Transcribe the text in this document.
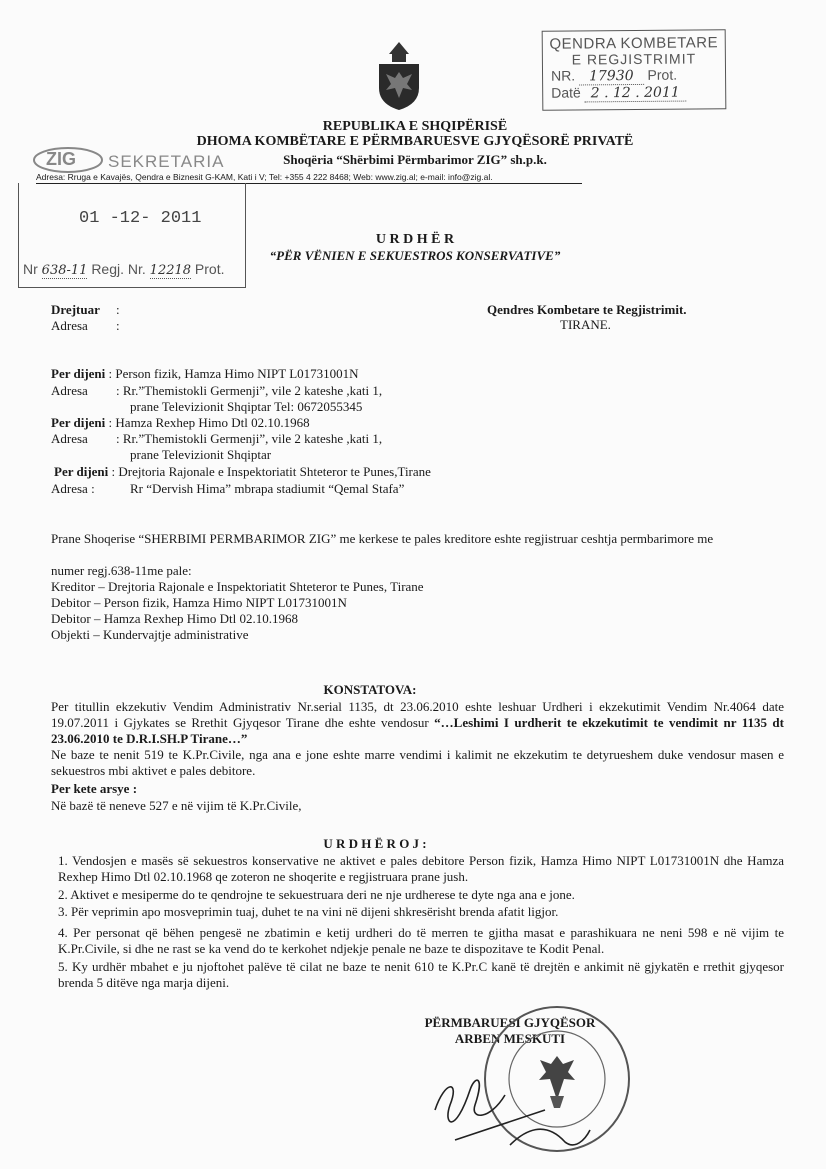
QENDRA KOMBETARE
E REGJISTRIMIT
NR. 17930 Prot.
Datë 2 . 12 . 2011
REPUBLIKA E SHQIPËRISË
DHOMA KOMBËTARE E PËRMBARUESVE GJYQËSORË PRIVATË
Shoqëria “Shërbimi Përmbarimor ZIG” sh.p.k.
Adresa: Rruga e Kavajës, Qendra e Biznesit G-KAM, Kati i V; Tel: +355 4 222 8468; Web: www.zig.al; e-mail: info@zig.al.
ZIG SEKRETARIA
01 -12- 2011
Nr 638-11 Regj. Nr. 12218 Prot.
U R D H Ë R
“PËR VËNIEN E SEKUESTROS KONSERVATIVE”
Drejtuar :
Adresa :
Qendres Kombetare te Regjistrimit.
TIRANE.
Per dijeni : Person fizik, Hamza Himo NIPT L01731001N
Adresa : Rr.”Themistokli Germenji”, vile 2 kateshe ,kati 1,
prane Televizionit Shqiptar Tel: 0672055345
Per dijeni : Hamza Rexhep Himo Dtl 02.10.1968
Adresa : Rr.”Themistokli Germenji”, vile 2 kateshe ,kati 1,
prane Televizionit Shqiptar
Per dijeni : Drejtoria Rajonale e Inspektoriatit Shteteror te Punes,Tirane
Adresa :	Rr “Dervish Hima” mbrapa stadiumit “Qemal Stafa”
Prane Shoqerise “SHERBIMI PERMBARIMOR ZIG” me kerkese te pales kreditore eshte regjistruar ceshtja permbarimore me
numer regj.638-11me pale:
Kreditor – Drejtoria Rajonale e Inspektoriatit Shteteror te Punes, Tirane
Debitor – Person fizik, Hamza Himo NIPT L01731001N
Debitor – Hamza Rexhep Himo Dtl 02.10.1968
Objekti – Kundervajtje administrative
KONSTATOVA:
Per titullin ekzekutiv Vendim Administrativ Nr.serial 1135, dt 23.06.2010 eshte leshuar Urdheri i ekzekutimit Vendim Nr.4064 date 19.07.2011 i Gjykates se Rrethit Gjyqesor Tirane dhe eshte vendosur “…Leshimi I urdherit te ekzekutimit te vendimit nr 1135 dt 23.06.2010 te D.R.I.SH.P Tirane…”
Ne baze te nenit 519 te K.Pr.Civile, nga ana e jone eshte marre vendimi i kalimit ne ekzekutim te detyrueshem duke vendosur masen e sekuestros mbi aktivet e pales debitore.
Per kete arsye :
Në bazë të neneve 527 e në vijim të K.Pr.Civile,
U R D H Ë R O J :
1. Vendosjen e masës së sekuestros konservative ne aktivet e pales debitore Person fizik, Hamza Himo NIPT L01731001N dhe Hamza Rexhep Himo Dtl 02.10.1968 qe zoteron ne shoqerite e regjistruara prane jush.
2. Aktivet e mesiperme do te qendrojne te sekuestruara deri ne nje urdherese te dyte nga ana e jone.
3. Për veprimin apo mosveprimin tuaj, duhet te na vini në dijeni shkresërisht brenda afatit ligjor.
4. Per personat që bëhen pengesë ne zbatimin e ketij urdheri do të merren te gjitha masat e parashikuara ne neni 598 e në vijim te K.Pr.Civile, si dhe ne rast se ka vend do te kerkohet ndjekje penale ne baze te dispozitave te Kodit Penal.
5. Ky urdhër mbahet e ju njoftohet palëve të cilat ne baze te nenit 610 te K.Pr.C kanë të drejtën e ankimit në gjykatën e rrethit gjyqesor brenda 5 ditëve nga marja dijeni.
PËRMBARUESI GJYQËSOR
ARBEN MESKUTI
